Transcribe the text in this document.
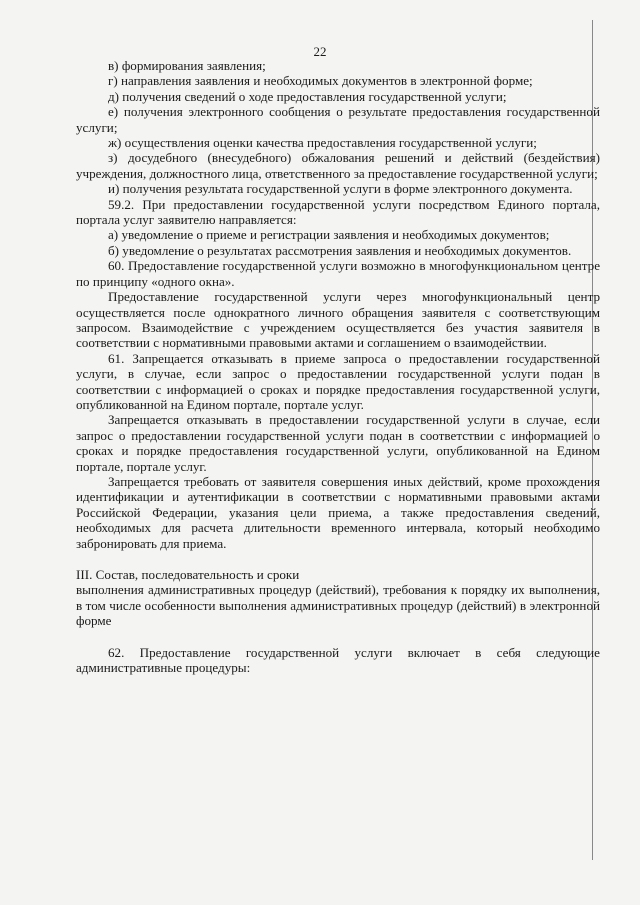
22

в) формирования заявления;

г) направления заявления и необходимых документов в электронной форме;

д) получения сведений о ходе предоставления государственной услуги;

е) получения электронного сообщения о результате предоставления государственной услуги;

ж) осуществления оценки качества предоставления государственной услуги;

з) досудебного (внесудебного) обжалования решений и действий (бездействия) учреждения, должностного лица, ответственного за предоставление государственной услуги;

и) получения результата государственной услуги в форме электронного документа.

59.2. При предоставлении государственной услуги посредством Единого портала, портала услуг заявителю направляется:

а) уведомление о приеме и регистрации заявления и необходимых документов;

б) уведомление о результатах рассмотрения заявления и необходимых документов.

60. Предоставление государственной услуги возможно в многофункциональном центре по принципу «одного окна».

Предоставление государственной услуги через многофункциональный центр осуществляется после однократного личного обращения заявителя с соответствующим запросом. Взаимодействие с учреждением осуществляется без участия заявителя в соответствии с нормативными правовыми актами и соглашением о взаимодействии.

61. Запрещается отказывать в приеме запроса о предоставлении государственной услуги, в случае, если запрос о предоставлении государственной услуги подан в соответствии с информацией о сроках и порядке предоставления государственной услуги, опубликованной на Едином портале, портале услуг.

Запрещается отказывать в предоставлении государственной услуги в случае, если запрос о предоставлении государственной услуги подан в соответствии с информацией о сроках и порядке предоставления государственной услуги, опубликованной на Едином портале, портале услуг.

Запрещается требовать от заявителя совершения иных действий, кроме прохождения идентификации и аутентификации в соответствии с нормативными правовыми актами Российской Федерации, указания цели приема, а также предоставления сведений, необходимых для расчета длительности временного интервала, который необходимо забронировать для приема.

III. Состав, последовательность и сроки

выполнения административных процедур (действий), требования к порядку их выполнения, в том числе особенности выполнения административных процедур (действий) в электронной форме

62. Предоставление государственной услуги включает в себя следующие административные процедуры:
